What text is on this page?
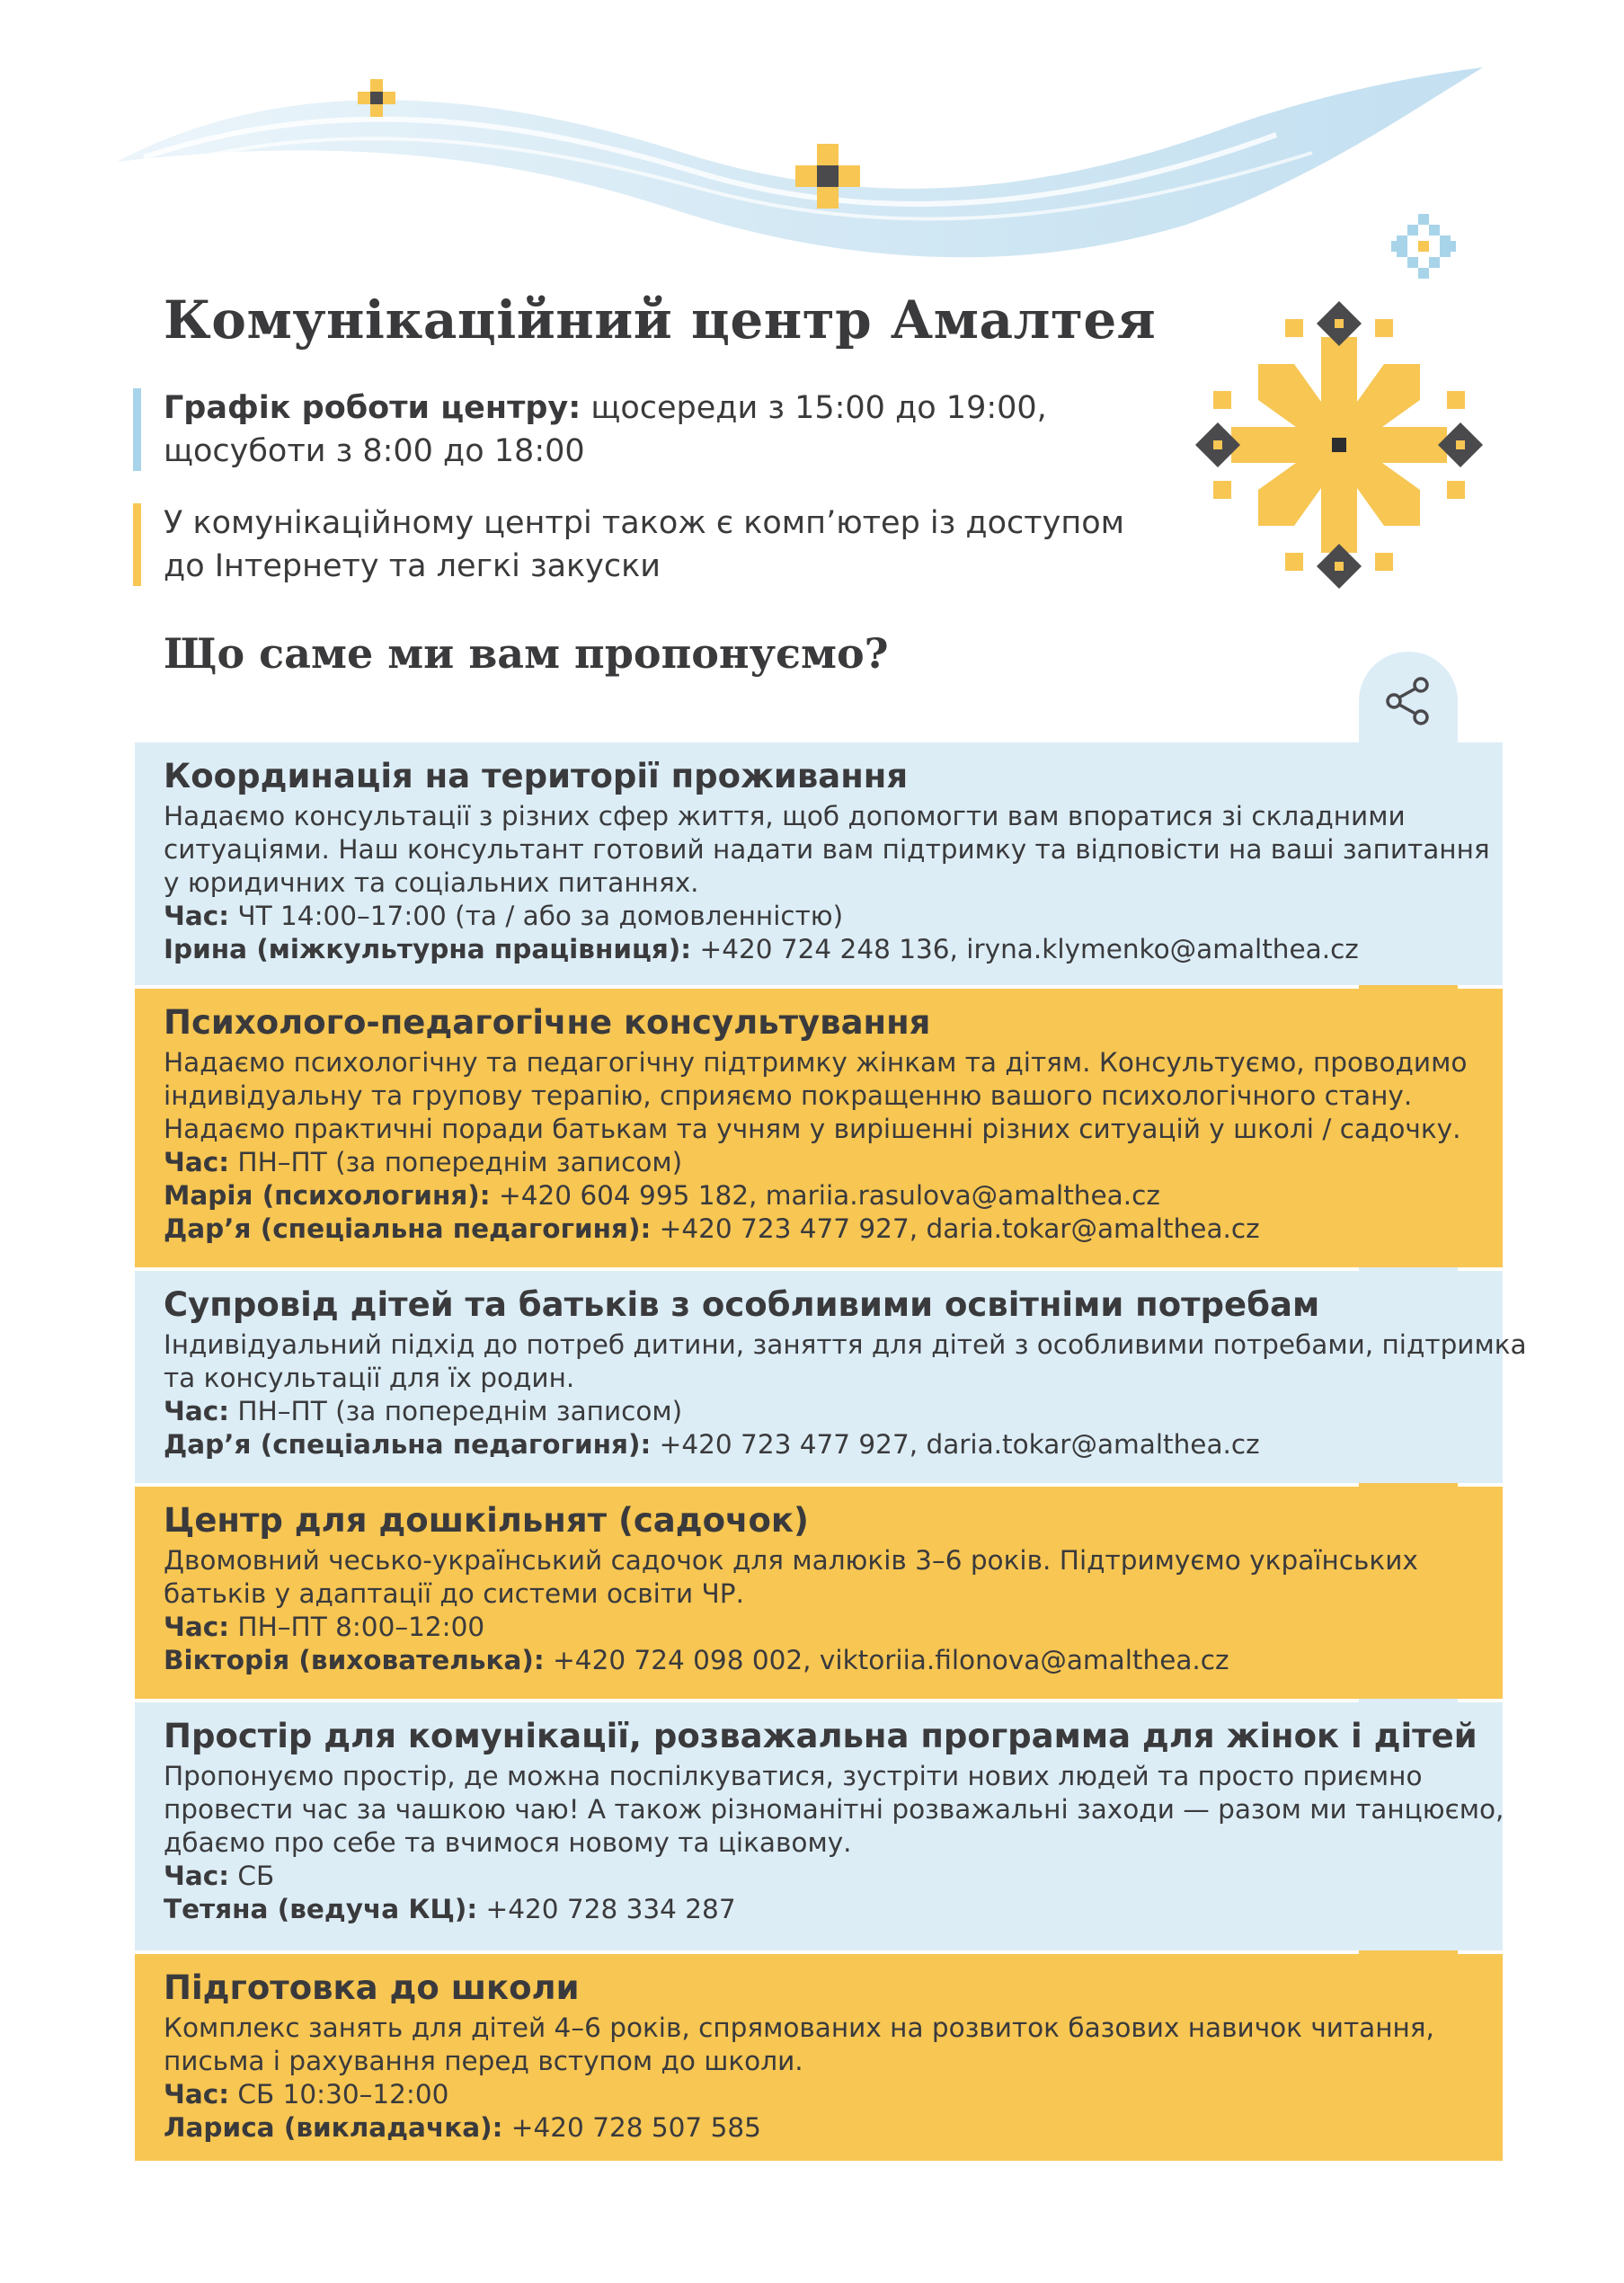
Комунікаційний центр Амалтея
Графік роботи центру: щосереди з 15:00 до 19:00,
щосуботи з 8:00 до 18:00
У комунікаційному центрі також є комп’ютер із доступом
до Інтернету та легкі закуски
Що саме ми вам пропонуємо?
Координація на території проживання
Надаємо консультації з різних сфер життя, щоб допомогти вам впоратися зі складними
ситуаціями. Наш консультант готовий надати вам підтримку та відповісти на ваші запитання
у юридичних та соціальних питаннях.
Час: ЧТ 14:00–17:00 (та / або за домовленністю)
Ірина (міжкультурна працівниця): +420 724 248 136, iryna.klymenko@amalthea.cz
Психолого-педагогічне консультування
Надаємо психологічну та педагогічну підтримку жінкам та дітям. Консультуємо, проводимо
індивідуальну та групову терапію, сприяємо покращенню вашого психологічного стану.
Надаємо практичні поради батькам та учням у вирішенні різних ситуацій у школі / садочку.
Час: ПН–ПТ (за попереднім записом)
Марія (психологиня): +420 604 995 182, mariia.rasulova@amalthea.cz
Дар’я (спеціальна педагогиня): +420 723 477 927, daria.tokar@amalthea.cz
Супровід дітей та батьків з особливими освітніми потребам
Індивідуальний підхід до потреб дитини, заняття для дітей з особливими потребами, підтримка
та консультації для їх родин.
Час: ПН–ПТ (за попереднім записом)
Дар’я (спеціальна педагогиня): +420 723 477 927, daria.tokar@amalthea.cz
Центр для дошкільнят (садочок)
Двомовний чесько-український садочок для малюків 3–6 років. Підтримуємо українських
батьків у адаптації до системи освіти ЧР.
Час: ПН–ПТ 8:00–12:00
Вікторія (вихователька): +420 724 098 002, viktoriia.filonova@amalthea.cz
Простір для комунікації, розважальна программа для жінок і дітей
Пропонуємо простір, де можна поспілкуватися, зустріти нових людей та просто приємно
провести час за чашкою чаю! А також різноманітні розважальні заходи — разом ми танцюємо,
дбаємо про себе та вчимося новому та цікавому.
Час: СБ
Тетяна (ведуча КЦ): +420 728 334 287
Підготовка до школи
Комплекс занять для дітей 4–6 років, спрямованих на розвиток базових навичок читання,
письма і рахування перед вступом до школи.
Час: СБ 10:30–12:00
Лариса (викладачка): +420 728 507 585
